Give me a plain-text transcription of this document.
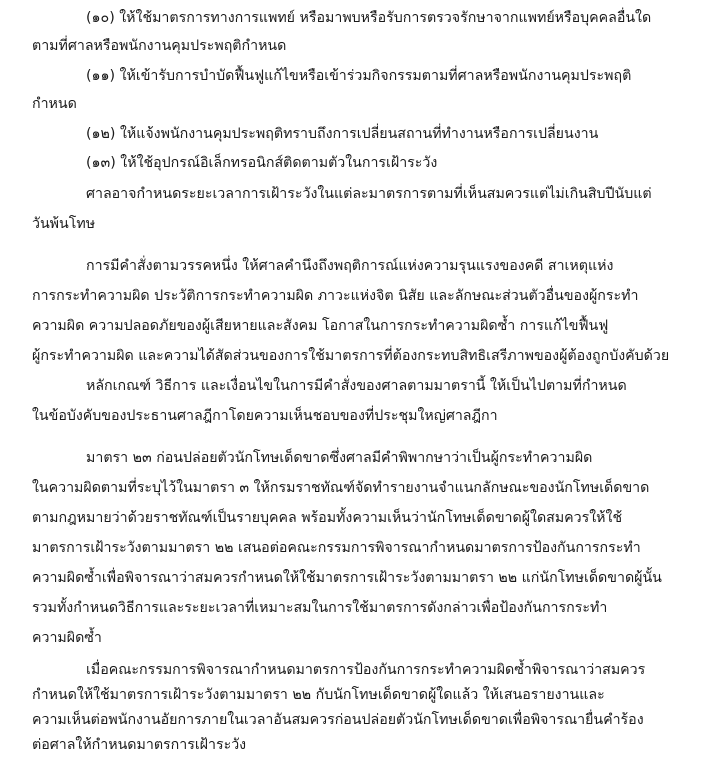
(๑๐) ให้ใช้มาตรการทางการแพทย์ หรือมาพบหรือรับการตรวจรักษาจากแพทย์หรือบุคคลอื่นใด
ตามที่ศาลหรือพนักงานคุมประพฤติกำหนด
(๑๑) ให้เข้ารับการบำบัดฟื้นฟูแก้ไขหรือเข้าร่วมกิจกรรมตามที่ศาลหรือพนักงานคุมประพฤติ
กำหนด
(๑๒) ให้แจ้งพนักงานคุมประพฤติทราบถึงการเปลี่ยนสถานที่ทำงานหรือการเปลี่ยนงาน
(๑๓) ให้ใช้อุปกรณ์อิเล็กทรอนิกส์ติดตามตัวในการเฝ้าระวัง
ศาลอาจกำหนดระยะเวลาการเฝ้าระวังในแต่ละมาตรการตามที่เห็นสมควรแต่ไม่เกินสิบปีนับแต่
วันพ้นโทษ
การมีคำสั่งตามวรรคหนึ่ง ให้ศาลคำนึงถึงพฤติการณ์แห่งความรุนแรงของคดี สาเหตุแห่ง
การกระทำความผิด ประวัติการกระทำความผิด ภาวะแห่งจิต นิสัย และลักษณะส่วนตัวอื่นของผู้กระทำ
ความผิด ความปลอดภัยของผู้เสียหายและสังคม โอกาสในการกระทำความผิดซ้ำ การแก้ไขฟื้นฟู
ผู้กระทำความผิด และความได้สัดส่วนของการใช้มาตรการที่ต้องกระทบสิทธิเสรีภาพของผู้ต้องถูกบังคับด้วย
หลักเกณฑ์ วิธีการ และเงื่อนไขในการมีคำสั่งของศาลตามมาตรานี้ ให้เป็นไปตามที่กำหนด
ในข้อบังคับของประธานศาลฎีกาโดยความเห็นชอบของที่ประชุมใหญ่ศาลฎีกา
มาตรา ๒๓ ก่อนปล่อยตัวนักโทษเด็ดขาดซึ่งศาลมีคำพิพากษาว่าเป็นผู้กระทำความผิด
ในความผิดตามที่ระบุไว้ในมาตรา ๓ ให้กรมราชทัณฑ์จัดทำรายงานจำแนกลักษณะของนักโทษเด็ดขาด
ตามกฎหมายว่าด้วยราชทัณฑ์เป็นรายบุคคล พร้อมทั้งความเห็นว่านักโทษเด็ดขาดผู้ใดสมควรให้ใช้
มาตรการเฝ้าระวังตามมาตรา ๒๒ เสนอต่อคณะกรรมการพิจารณากำหนดมาตรการป้องกันการกระทำ
ความผิดซ้ำเพื่อพิจารณาว่าสมควรกำหนดให้ใช้มาตรการเฝ้าระวังตามมาตรา ๒๒ แก่นักโทษเด็ดขาดผู้นั้น
รวมทั้งกำหนดวิธีการและระยะเวลาที่เหมาะสมในการใช้มาตรการดังกล่าวเพื่อป้องกันการกระทำ
ความผิดซ้ำ
เมื่อคณะกรรมการพิจารณากำหนดมาตรการป้องกันการกระทำความผิดซ้ำพิจารณาว่าสมควร
กำหนดให้ใช้มาตรการเฝ้าระวังตามมาตรา ๒๒ กับนักโทษเด็ดขาดผู้ใดแล้ว ให้เสนอรายงานและ
ความเห็นต่อพนักงานอัยการภายในเวลาอันสมควรก่อนปล่อยตัวนักโทษเด็ดขาดเพื่อพิจารณายื่นคำร้อง
ต่อศาลให้กำหนดมาตรการเฝ้าระวัง
